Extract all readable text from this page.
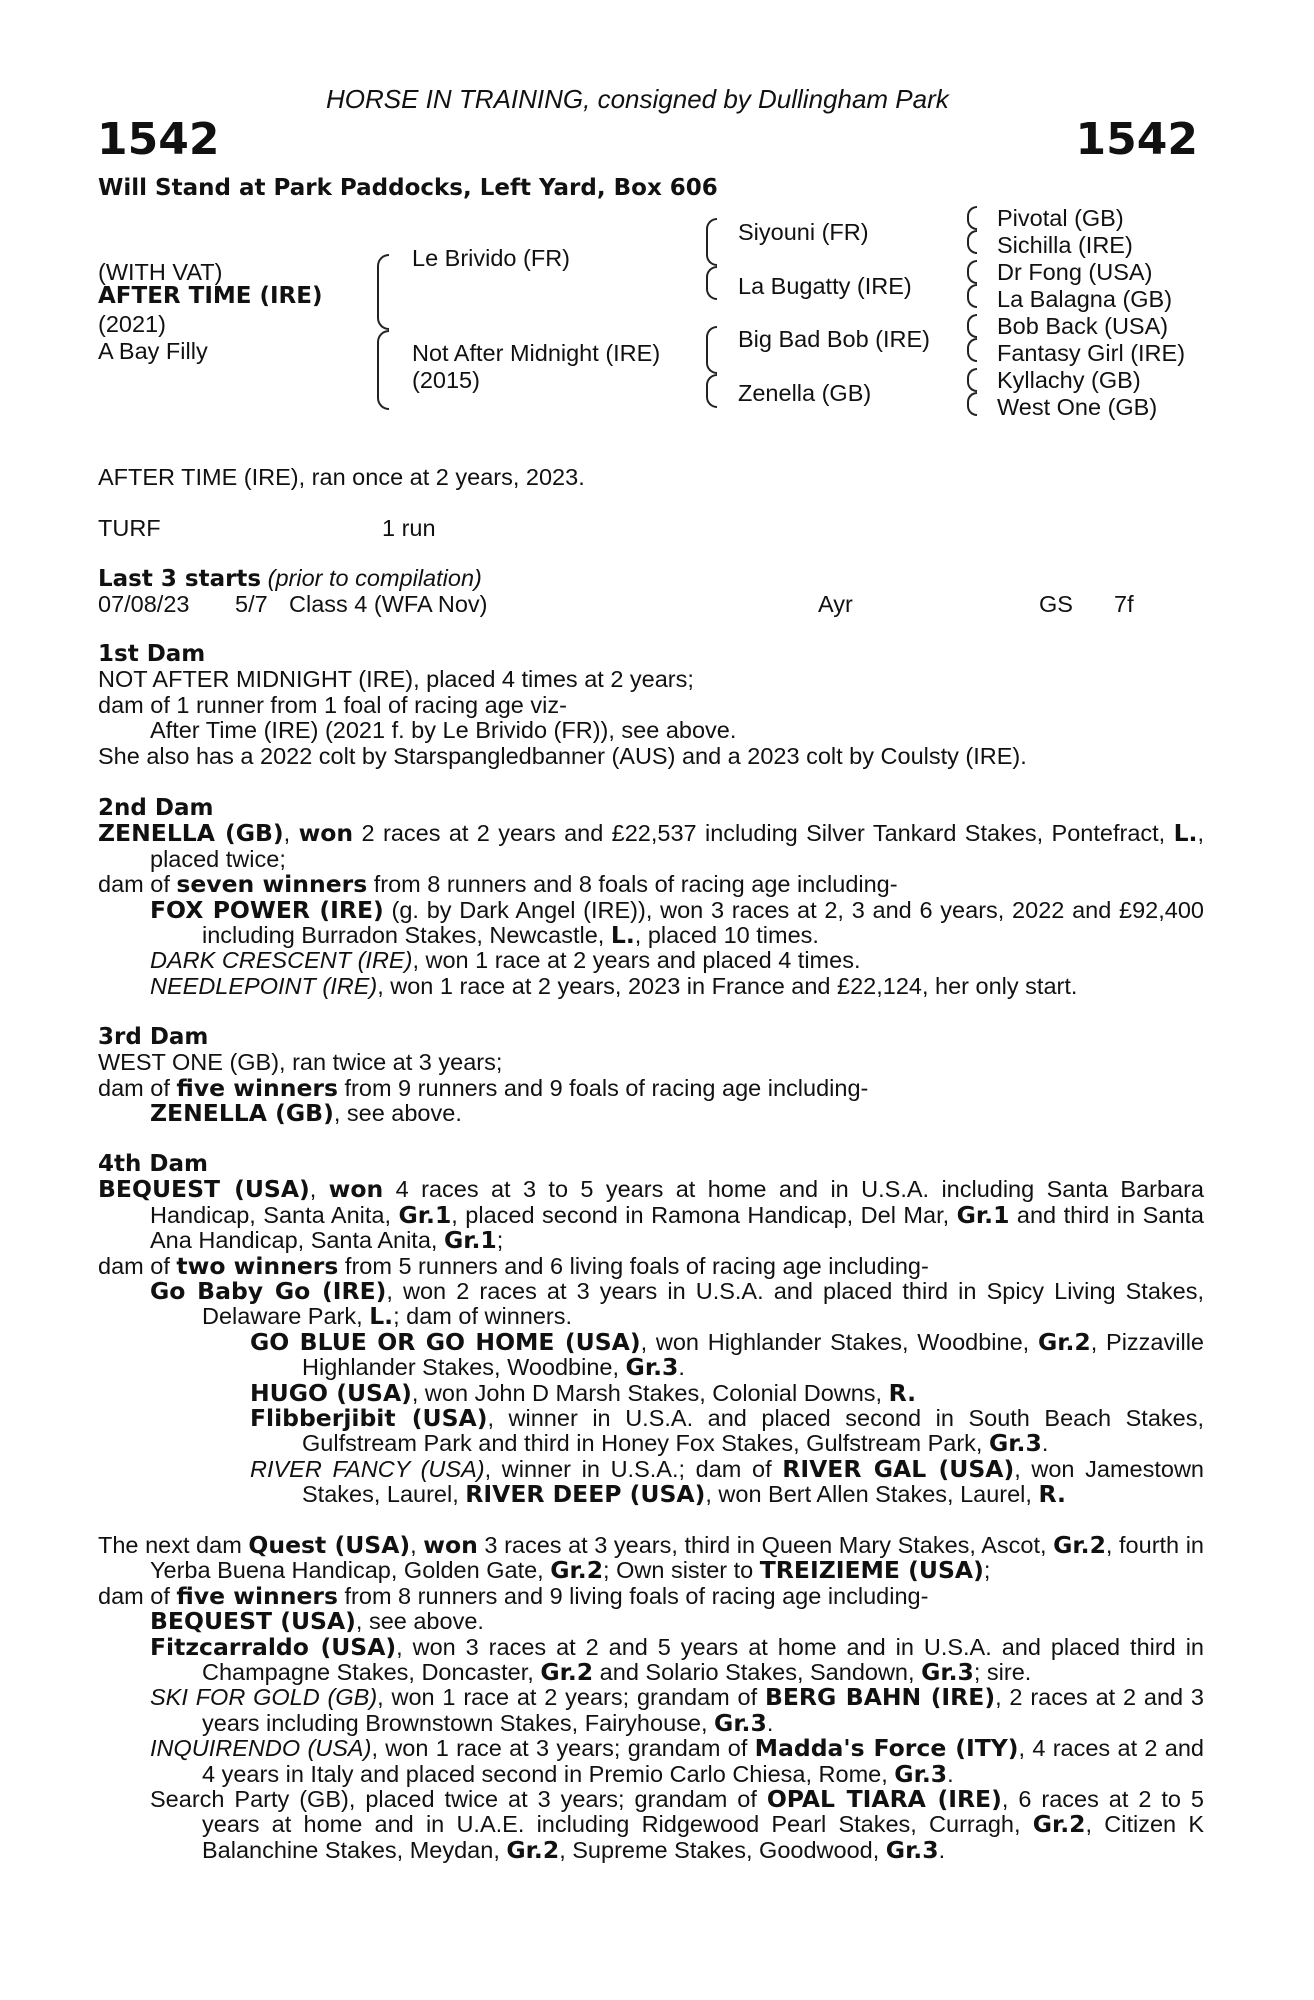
HORSE IN TRAINING, consigned by Dullingham Park
1542	1542
Will Stand at Park Paddocks, Left Yard, Box 606
(WITH VAT)
AFTER TIME (IRE)
(2021)
A Bay Filly
Le Brivido (FR)
Not After Midnight (IRE)
(2015)
Siyouni (FR)
La Bugatty (IRE)
Big Bad Bob (IRE)
Zenella (GB)
Pivotal (GB)
Sichilla (IRE)
Dr Fong (USA)
La Balagna (GB)
Bob Back (USA)
Fantasy Girl (IRE)
Kyllachy (GB)
West One (GB)
AFTER TIME (IRE), ran once at 2 years, 2023.
TURF	1 run
Last 3 starts (prior to compilation)
07/08/23 5/7 Class 4 (WFA Nov)	Ayr	GS 7f

1st Dam

NOT AFTER MIDNIGHT (IRE), placed 4 times at 2 years;

dam of 1 runner from 1 foal of racing age viz-

After Time (IRE) (2021 f. by Le Brivido (FR)), see above.

She also has a 2022 colt by Starspangledbanner (AUS) and a 2023 colt by Coulsty (IRE).

2nd Dam

ZENELLA (GB), won 2 races at 2 years and £22,537 including Silver Tankard Stakes, Pontefract, L., placed twice;

dam of seven winners from 8 runners and 8 foals of racing age including-

FOX POWER (IRE) (g. by Dark Angel (IRE)), won 3 races at 2, 3 and 6 years, 2022 and £92,400 including Burradon Stakes, Newcastle, L., placed 10 times.

DARK CRESCENT (IRE), won 1 race at 2 years and placed 4 times.

NEEDLEPOINT (IRE), won 1 race at 2 years, 2023 in France and £22,124, her only start.

3rd Dam

WEST ONE (GB), ran twice at 3 years;

dam of five winners from 9 runners and 9 foals of racing age including-

ZENELLA (GB), see above.

4th Dam

BEQUEST (USA), won 4 races at 3 to 5 years at home and in U.S.A. including Santa Barbara Handicap, Santa Anita, Gr.1, placed second in Ramona Handicap, Del Mar, Gr.1 and third in Santa Ana Handicap, Santa Anita, Gr.1;

dam of two winners from 5 runners and 6 living foals of racing age including-

Go Baby Go (IRE), won 2 races at 3 years in U.S.A. and placed third in Spicy Living Stakes, Delaware Park, L.; dam of winners.

GO BLUE OR GO HOME (USA), won Highlander Stakes, Woodbine, Gr.2, Pizzaville Highlander Stakes, Woodbine, Gr.3.

HUGO (USA), won John D Marsh Stakes, Colonial Downs, R.

Flibberjibit (USA), winner in U.S.A. and placed second in South Beach Stakes, Gulfstream Park and third in Honey Fox Stakes, Gulfstream Park, Gr.3.

RIVER FANCY (USA), winner in U.S.A.; dam of RIVER GAL (USA), won Jamestown Stakes, Laurel, RIVER DEEP (USA), won Bert Allen Stakes, Laurel, R.

The next dam Quest (USA), won 3 races at 3 years, third in Queen Mary Stakes, Ascot, Gr.2, fourth in Yerba Buena Handicap, Golden Gate, Gr.2; Own sister to TREIZIEME (USA);

dam of five winners from 8 runners and 9 living foals of racing age including-

BEQUEST (USA), see above.

Fitzcarraldo (USA), won 3 races at 2 and 5 years at home and in U.S.A. and placed third in Champagne Stakes, Doncaster, Gr.2 and Solario Stakes, Sandown, Gr.3; sire.

SKI FOR GOLD (GB), won 1 race at 2 years; grandam of BERG BAHN (IRE), 2 races at 2 and 3 years including Brownstown Stakes, Fairyhouse, Gr.3.

INQUIRENDO (USA), won 1 race at 3 years; grandam of Madda's Force (ITY), 4 races at 2 and 4 years in Italy and placed second in Premio Carlo Chiesa, Rome, Gr.3.

Search Party (GB), placed twice at 3 years; grandam of OPAL TIARA (IRE), 6 races at 2 to 5 years at home and in U.A.E. including Ridgewood Pearl Stakes, Curragh, Gr.2, Citizen K Balanchine Stakes, Meydan, Gr.2, Supreme Stakes, Goodwood, Gr.3.
